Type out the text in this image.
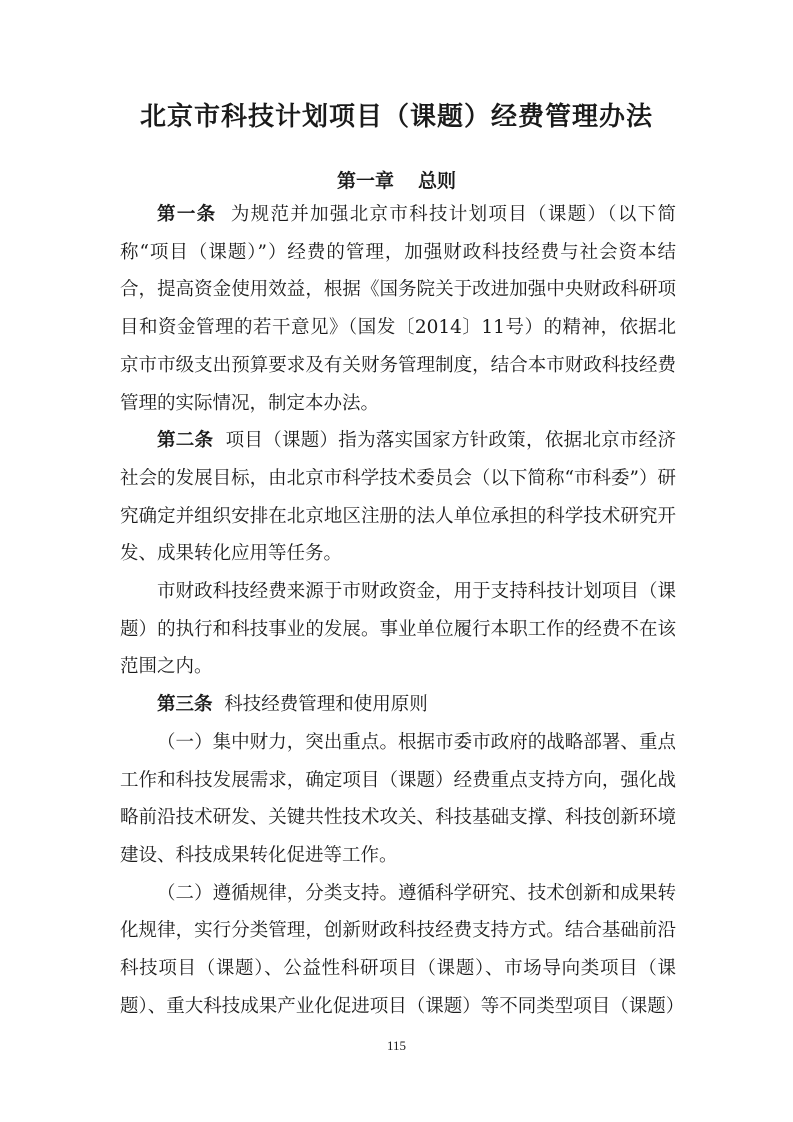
北京市科技计划项目（课题）经费管理办法
第一章 总则

第一条 为规范并加强北京市科技计划项目（课题）（以下简称“项目（课题）”）经费的管理，加强财政科技经费与社会资本结合，提高资金使用效益，根据《国务院关于改进加强中央财政科研项目和资金管理的若干意见》（国发〔2014〕11号）的精神，依据北京市市级支出预算要求及有关财务管理制度，结合本市财政科技经费管理的实际情况，制定本办法。

第二条 项目（课题）指为落实国家方针政策，依据北京市经济社会的发展目标，由北京市科学技术委员会（以下简称“市科委”）研究确定并组织安排在北京地区注册的法人单位承担的科学技术研究开发、成果转化应用等任务。

市财政科技经费来源于市财政资金，用于支持科技计划项目（课题）的执行和科技事业的发展。事业单位履行本职工作的经费不在该范围之内。

第三条 科技经费管理和使用原则

（一）集中财力，突出重点。根据市委市政府的战略部署、重点工作和科技发展需求，确定项目（课题）经费重点支持方向，强化战略前沿技术研发、关键共性技术攻关、科技基础支撑、科技创新环境建设、科技成果转化促进等工作。

（二）遵循规律，分类支持。遵循科学研究、技术创新和成果转化规律，实行分类管理，创新财政科技经费支持方式。结合基础前沿科技项目（课题）、公益性科研项目（课题）、市场导向类项目（课题）、重大科技成果产业化促进项目（课题）等不同类型项目（课题）

115
